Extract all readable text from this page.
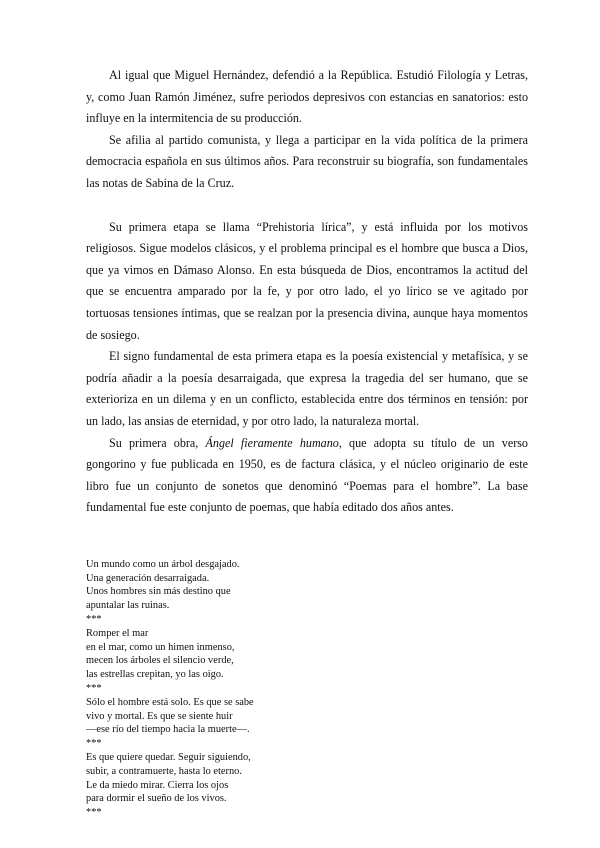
Al igual que Miguel Hernández, defendió a la República. Estudió Filología y Letras, y, como Juan Ramón Jiménez, sufre periodos depresivos con estancias en sanatorios: esto influye en la intermitencia de su producción.

Se afilia al partido comunista, y llega a participar en la vida política de la primera democracia española en sus últimos años. Para reconstruir su biografía, son fundamentales las notas de Sabina de la Cruz.

Su primera etapa se llama “Prehistoria lírica”, y está influida por los motivos religiosos. Sigue modelos clásicos, y el problema principal es el hombre que busca a Dios, que ya vimos en Dámaso Alonso. En esta búsqueda de Dios, encontramos la actitud del que se encuentra amparado por la fe, y por otro lado, el yo lírico se ve agitado por tortuosas tensiones íntimas, que se realzan por la presencia divina, aunque haya momentos de sosiego.

El signo fundamental de esta primera etapa es la poesía existencial y metafísica, y se podría añadir a la poesía desarraigada, que expresa la tragedia del ser humano, que se exterioriza en un dilema y en un conflicto, establecida entre dos términos en tensión: por un lado, las ansias de eternidad, y por otro lado, la naturaleza mortal.

Su primera obra, Ángel fieramente humano, que adopta su título de un verso gongorino y fue publicada en 1950, es de factura clásica, y el núcleo originario de este libro fue un conjunto de sonetos que denominó “Poemas para el hombre”. La base fundamental fue este conjunto de poemas, que había editado dos años antes.

Un mundo como un árbol desgajado.
Una generación desarraigada.
Unos hombres sin más destino que
apuntalar las ruinas.
***
Romper el mar
en el mar, como un himen inmenso,
mecen los árboles el silencio verde,
las estrellas crepitan, yo las oigo.
***
Sólo el hombre está solo. Es que se sabe
vivo y mortal. Es que se siente huir
—ese río del tiempo hacia la muerte—.
***
Es que quiere quedar. Seguir siguiendo,
subir, a contramuerte, hasta lo eterno.
Le da miedo mirar. Cierra los ojos
para dormir el sueño de los vivos.
***
